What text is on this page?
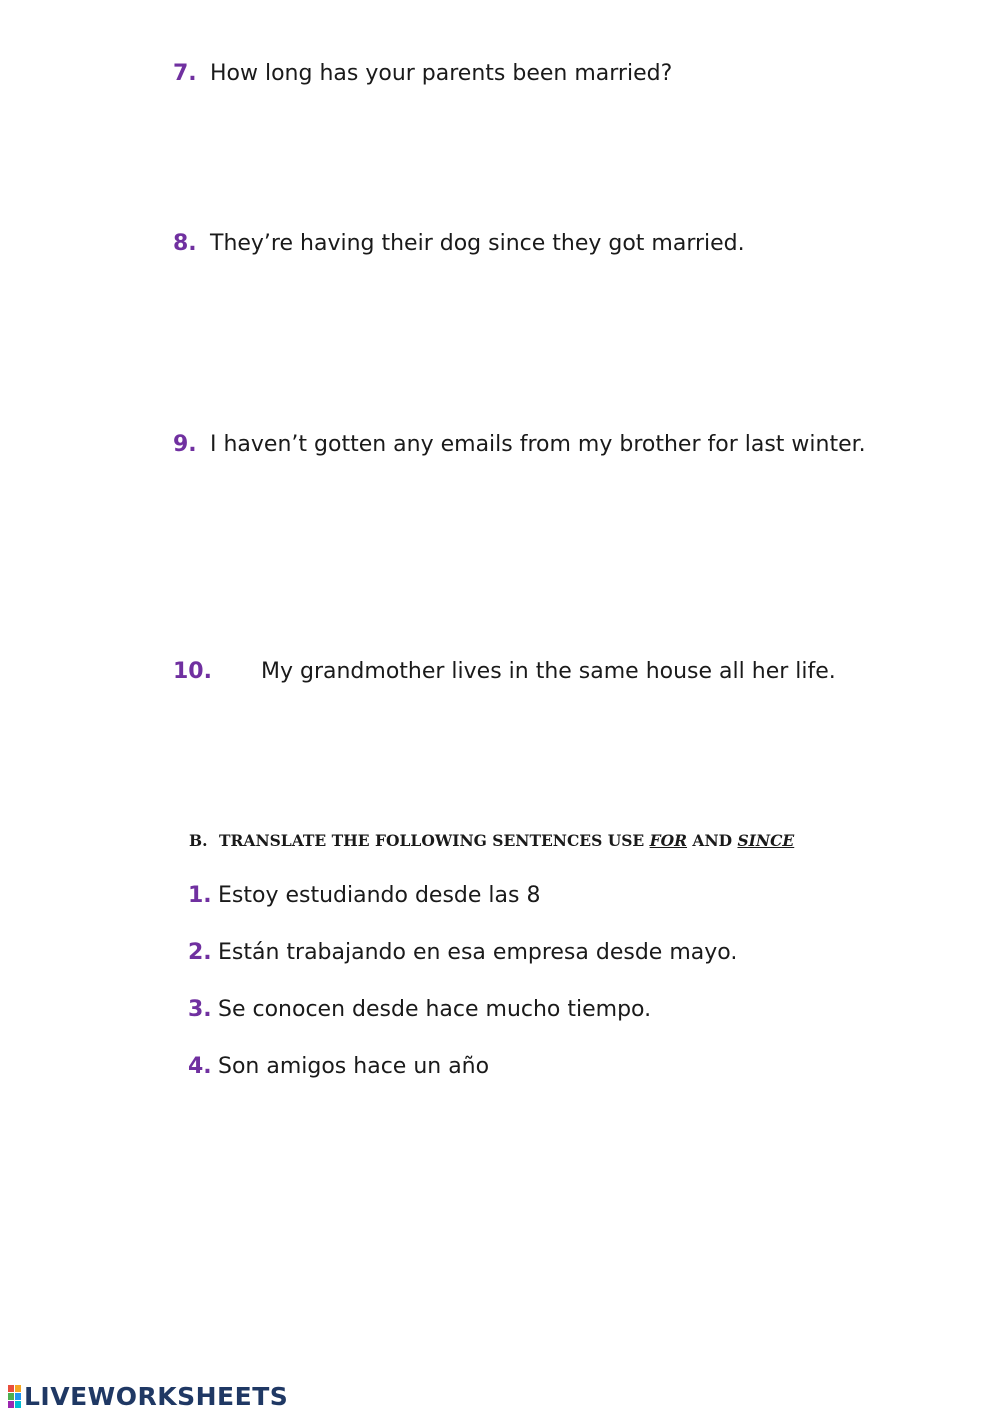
7. How long has your parents been married?
8. They’re having their dog since they got married.
9. I haven’t gotten any emails from my brother for last winter.
10. My grandmother lives in the same house all her life.
B. TRANSLATE THE FOLLOWING SENTENCES USE FOR AND SINCE
1. Estoy estudiando desde las 8
2. Están trabajando en esa empresa desde mayo.
3. Se conocen desde hace mucho tiempo.
4. Son amigos hace un año
LIVEWORKSHEETS
